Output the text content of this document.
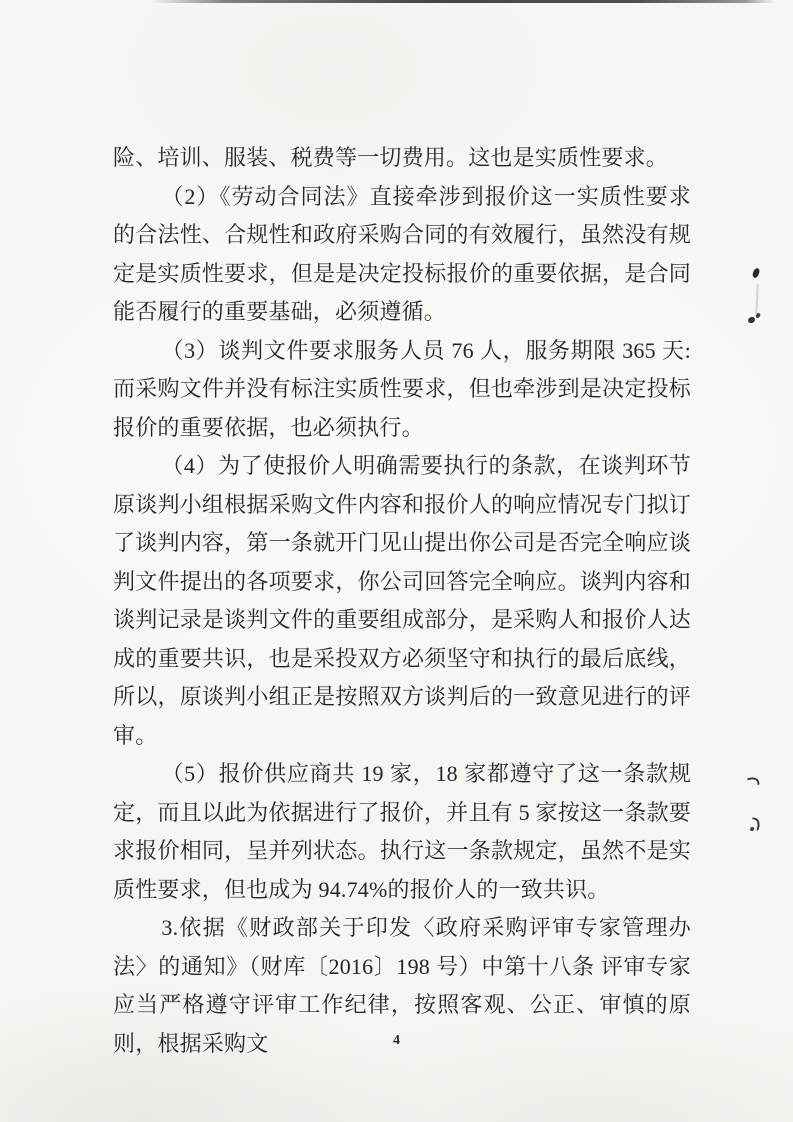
险、培训、服装、税费等一切费用。这也是实质性要求。

（2）《劳动合同法》直接牵涉到报价这一实质性要求的合法性、合规性和政府采购合同的有效履行，虽然没有规定是实质性要求，但是是决定投标报价的重要依据，是合同能否履行的重要基础，必须遵循。

（3）谈判文件要求服务人员 76 人，服务期限 365 天:而采购文件并没有标注实质性要求，但也牵涉到是决定投标报价的重要依据，也必须执行。

（4）为了使报价人明确需要执行的条款，在谈判环节原谈判小组根据采购文件内容和报价人的响应情况专门拟订了谈判内容，第一条就开门见山提出你公司是否完全响应谈判文件提出的各项要求，你公司回答完全响应。谈判内容和谈判记录是谈判文件的重要组成部分，是采购人和报价人达成的重要共识，也是采投双方必须坚守和执行的最后底线，所以，原谈判小组正是按照双方谈判后的一致意见进行的评审。

（5）报价供应商共 19 家，18 家都遵守了这一条款规定，而且以此为依据进行了报价，并且有 5 家按这一条款要求报价相同，呈并列状态。执行这一条款规定，虽然不是实质性要求，但也成为 94.74%的报价人的一致共识。

3.依据《财政部关于印发〈政府采购评审专家管理办法〉的通知》（财库〔2016〕198 号）中第十八条 评审专家应当严格遵守评审工作纪律，按照客观、公正、审慎的原则，根据采购文	4
